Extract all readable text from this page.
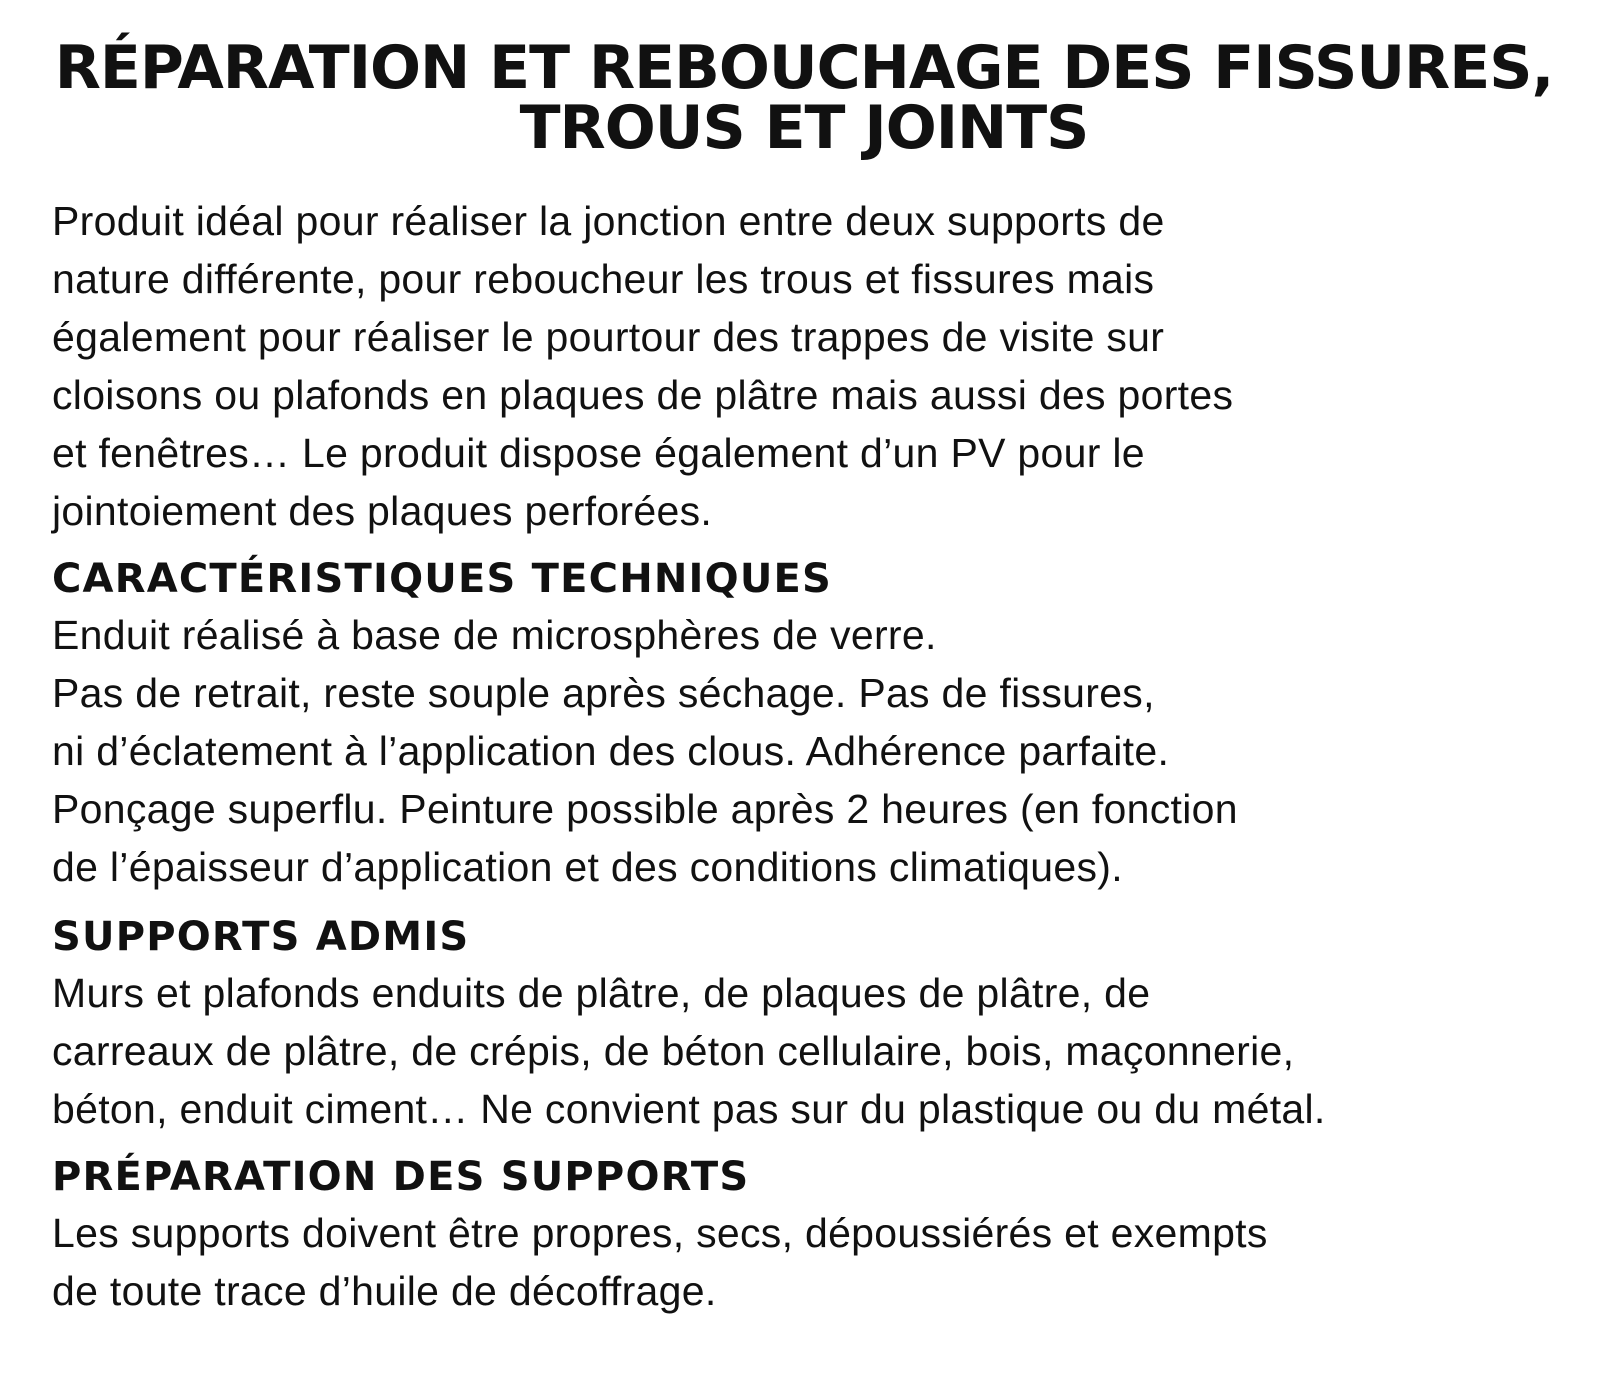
RÉPARATION ET REBOUCHAGE DES FISSURES,
TROUS ET JOINTS

Produit idéal pour réaliser la jonction entre deux supports de
nature différente, pour reboucheur les trous et fissures mais
également pour réaliser le pourtour des trappes de visite sur
cloisons ou plafonds en plaques de plâtre mais aussi des portes
et fenêtres… Le produit dispose également d’un PV pour le
jointoiement des plaques perforées.

CARACTÉRISTIQUES TECHNIQUES

Enduit réalisé à base de microsphères de verre.
Pas de retrait, reste souple après séchage. Pas de fissures,
ni d’éclatement à l’application des clous. Adhérence parfaite.
Ponçage superflu. Peinture possible après 2 heures (en fonction
de l’épaisseur d’application et des conditions climatiques).

SUPPORTS ADMIS

Murs et plafonds enduits de plâtre, de plaques de plâtre, de
carreaux de plâtre, de crépis, de béton cellulaire, bois, maçonnerie,
béton, enduit ciment… Ne convient pas sur du plastique ou du métal.

PRÉPARATION DES SUPPORTS

Les supports doivent être propres, secs, dépoussiérés et exempts
de toute trace d’huile de décoffrage.
